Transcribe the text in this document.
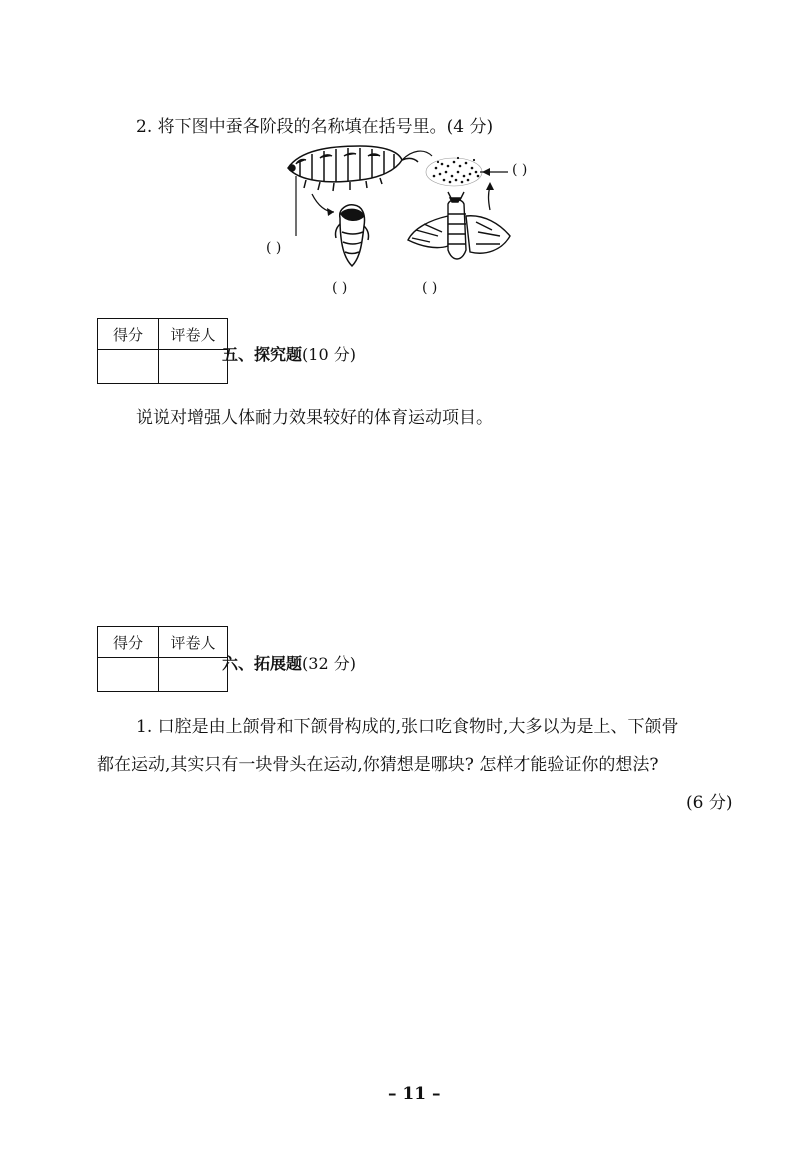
2. 将下图中蚕各阶段的名称填在括号里。(4 分)
( )
( )
( )	( )
得分	评卷人

五、探究题(10 分)
说说对增强人体耐力效果较好的体育运动项目。
得分	评卷人

六、拓展题(32 分)
1. 口腔是由上颌骨和下颌骨构成的,张口吃食物时,大多以为是上、下颌骨
都在运动,其实只有一块骨头在运动,你猜想是哪块? 怎样才能验证你的想法?
(6 分)
– 11 –
